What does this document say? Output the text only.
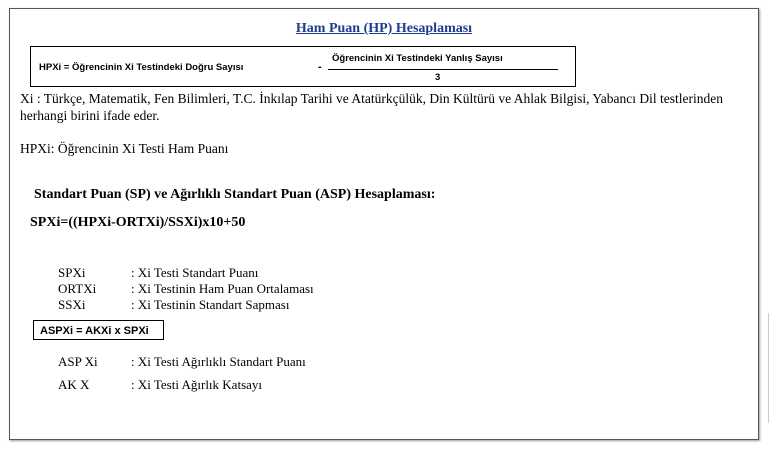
Ham Puan (HP) Hesaplaması
HPXi = Öğrencinin Xi Testindeki Doğru Sayısı	-
Öğrencinin Xi Testindeki Yanlış Sayısı
3
Xi : Türkçe, Matematik, Fen Bilimleri, T.C. İnkılap Tarihi ve Atatürkçülük, Din Kültürü ve Ahlak Bilgisi, Yabancı Dil testlerinden herhangi birini ifade eder.
HPXi: Öğrencinin Xi Testi Ham Puanı
Standart Puan (SP) ve Ağırlıklı Standart Puan (ASP) Hesaplaması:
SPXi=((HPXi-ORTXi)/SSXi)x10+50
SPXi	: Xi Testi Standart Puanı
ORTXi	: Xi Testinin Ham Puan Ortalaması
SSXi	: Xi Testinin Standart Sapması
ASPXi = AKXi x SPXi
ASP Xi	: Xi Testi Ağırlıklı Standart Puanı
AK X	: Xi Testi Ağırlık Katsayı
